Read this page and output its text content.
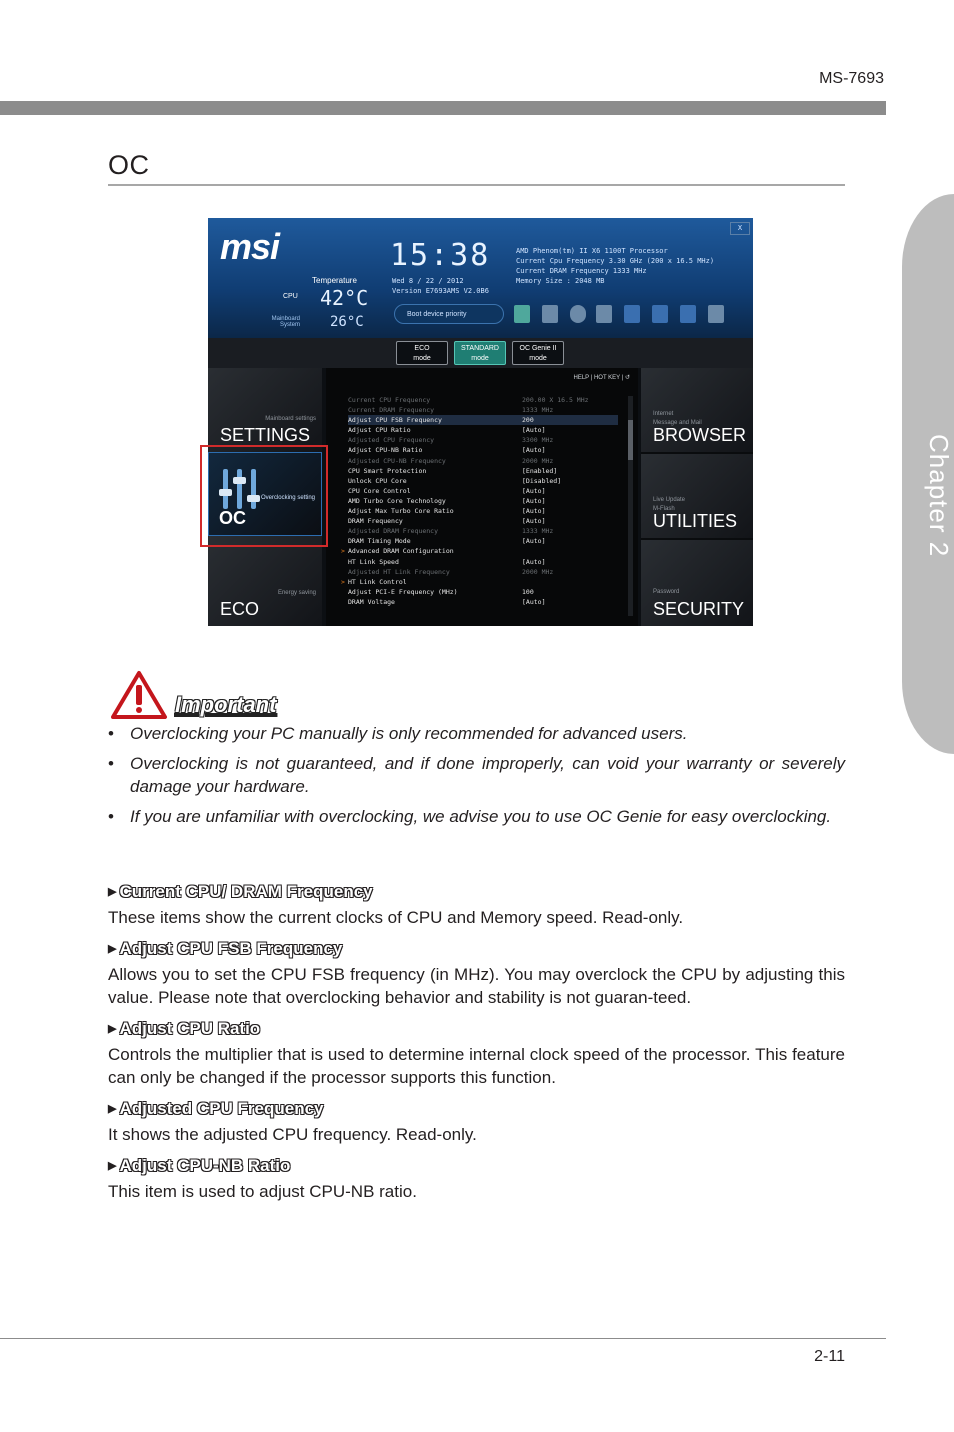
MS-7693
OC
Chapter 2
msi	X
Temperature
CPU 42°C
Mainboard System 26°C
15:38
Wed 8 / 22 / 2012
Version E7693AMS V2.0B6
AMD Phenom(tm) II X6 1100T Processor
Current Cpu Frequency 3.30 GHz (200 x 16.5 MHz)
Current DRAM Frequency 1333 MHz
Memory Size : 2048 MB
Boot device priority
ECO
mode
STANDARD
mode
OC Genie II
mode
Mainboard settings
SETTINGS
Overclocking setting
OC
Energy saving
ECO
HELP | HOT KEY | ↺
Current CPU Frequency	200.00 X 16.5 MHz
Current DRAM Frequency	1333 MHz
Adjust CPU FSB Frequency	200
Adjust CPU Ratio	[Auto]
Adjusted CPU Frequency	3300 MHz
Adjust CPU-NB Ratio	[Auto]
Adjusted CPU-NB Frequency	2000 MHz
CPU Smart Protection	[Enabled]
Unlock CPU Core	[Disabled]
CPU Core Control	[Auto]
AMD Turbo Core Technology	[Auto]
Adjust Max Turbo Core Ratio	[Auto]
DRAM Frequency	[Auto]
Adjusted DRAM Frequency	1333 MHz
DRAM Timing Mode	[Auto]
> Advanced DRAM Configuration
HT Link Speed	[Auto]
Adjusted HT Link Frequency	2000 MHz
> HT Link Control
Adjust PCI-E Frequency (MHz)	100
DRAM Voltage	[Auto]
Internet
Message and Mail
BROWSER
Live Update
M-Flash
UTILITIES
Password
SECURITY
Important
• Overclocking your PC manually is only recommended for advanced users.
• Overclocking is not guaranteed, and if done improperly, can void your warranty or severely damage your hardware.
• If you are unfamiliar with overclocking, we advise you to use OC Genie for easy overclocking.
▶ Current CPU/ DRAM Frequency
These items show the current clocks of CPU and Memory speed. Read-only.
▶ Adjust CPU FSB Frequency
Allows you to set the CPU FSB frequency (in MHz). You may overclock the CPU by adjusting this value. Please note that overclocking behavior and stability is not guaran-teed.
▶ Adjust CPU Ratio
Controls the multiplier that is used to determine internal clock speed of the processor. This feature can only be changed if the processor supports this function.
▶ Adjusted CPU Frequency
It shows the adjusted CPU frequency. Read-only.
▶ Adjust CPU-NB Ratio
This item is used to adjust CPU-NB ratio.
2-11
